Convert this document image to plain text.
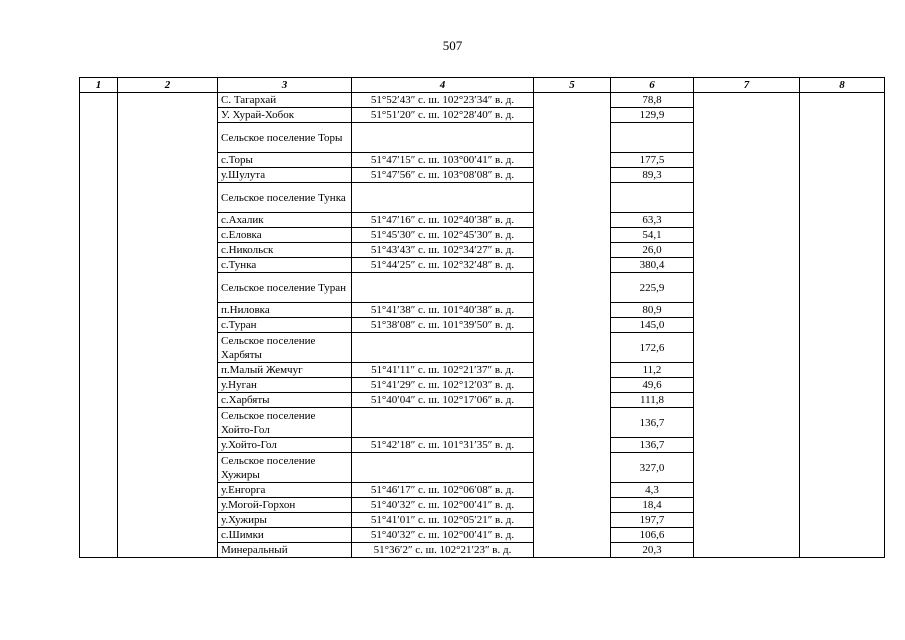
507
1	2	3	4	5	6	7	8
		С. Тагархай	51°52′43″ с. ш. 102°23′34″ в. д.		78,8		
		У. Хурай-Хобок	51°51′20″ с. ш. 102°28′40″ в. д.		129,9		
		Сельское поселение Торы					
		с.Торы	51°47′15″ с. ш. 103°00′41″ в. д.		177,5		
		у.Шулута	51°47′56″ с. ш. 103°08′08″ в. д.		89,3		
		Сельское поселение Тунка					
		с.Ахалик	51°47′16″ с. ш. 102°40′38″ в. д.		63,3		
		с.Еловка	51°45′30″ с. ш. 102°45′30″ в. д.		54,1		
		с.Никольск	51°43′43″ с. ш. 102°34′27″ в. д.		26,0		
		с.Тунка	51°44′25″ с. ш. 102°32′48″ в. д.		380,4		
		Сельское поселение Туран			225,9		
		п.Ниловка	51°41′38″ с. ш. 101°40′38″ в. д.		80,9		
		с.Туран	51°38′08″ с. ш. 101°39′50″ в. д.		145,0		
		Сельское поселение Харбяты			172,6		
		п.Малый Жемчуг	51°41′11″ с. ш. 102°21′37″ в. д.		11,2		
		у.Нуган	51°41′29″ с. ш. 102°12′03″ в. д.		49,6		
		с.Харбяты	51°40′04″ с. ш. 102°17′06″ в. д.		111,8		
		Сельское поселение Хойто-Гол			136,7		
		у.Хойто-Гол	51°42′18″ с. ш. 101°31′35″ в. д.		136,7		
		Сельское поселение Хужиры			327,0		
		у.Енгорга	51°46′17″ с. ш. 102°06′08″ в. д.		4,3		
		у.Могой-Горхон	51°40′32″ с. ш. 102°00′41″ в. д.		18,4		
		у.Хужиры	51°41′01″ с. ш. 102°05′21″ в. д.		197,7		
		с.Шимки	51°40′32″ с. ш. 102°00′41″ в. д.		106,6		
		Минеральный	51°36′2″ с. ш. 102°21′23″ в. д.		20,3		
